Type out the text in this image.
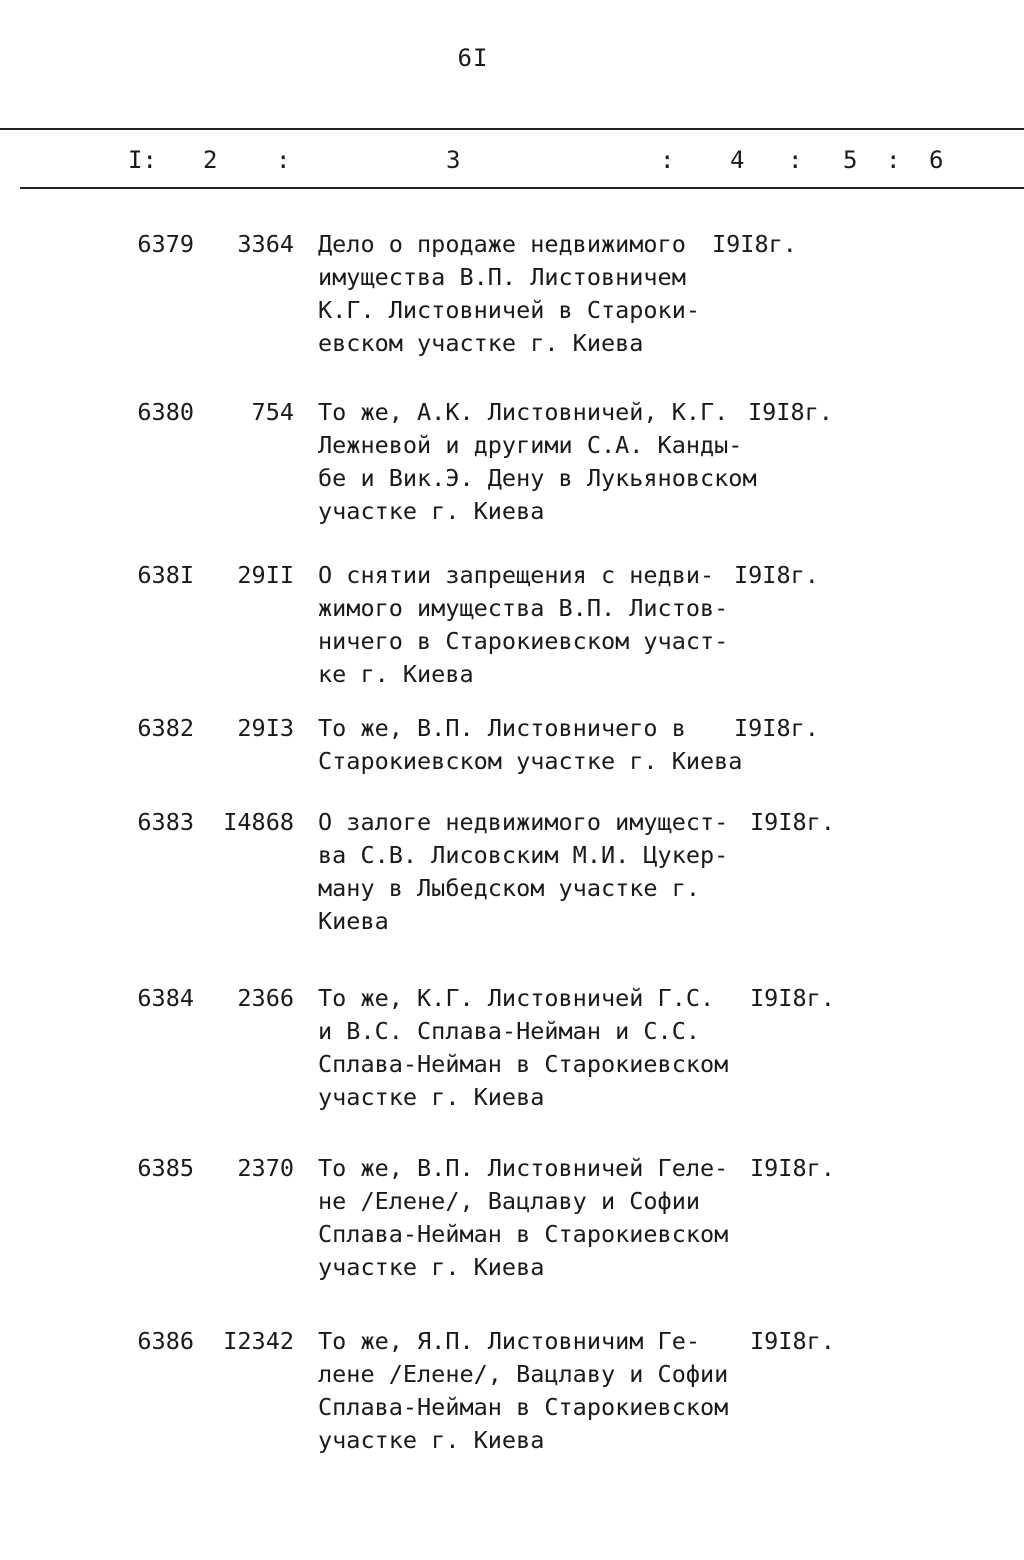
6I
I: 2 :	3	: 4 : 5 : 6
6379	3364 Дело о продаже недвижимого
имущества В.П. Листовничем
К.Г. Листовничей в Староки-
евском участке г. Киева
I9I8г.
6380	754 То же, А.К. Листовничей, К.Г.
Лежневой и другими С.А. Канды-
бе и Вик.Э. Дену в Лукьяновском
участке г. Киева
I9I8г.
638I	29II О снятии запрещения с недви-
жимого имущества В.П. Листов-
ничего в Старокиевском участ-
ке г. Киева
I9I8г.
6382	29I3 То же, В.П. Листовничего в
Старокиевском участке г. Киева
I9I8г.
6383	I4868 О залоге недвижимого имущест-
ва С.В. Лисовским М.И. Цукер-
ману в Лыбедском участке г.
Киева
I9I8г.
6384	2366 То же, К.Г. Листовничей Г.С.
и В.С. Сплава-Нейман и С.С.
Сплава-Нейман в Старокиевском
участке г. Киева
I9I8г.
6385	2370 То же, В.П. Листовничей Геле-
не /Елене/, Вацлаву и Софии
Сплава-Нейман в Старокиевском
участке г. Киева
I9I8г.
6386	I2342 То же, Я.П. Листовничим Ге-
лене /Елене/, Вацлаву и Софии
Сплава-Нейман в Старокиевском
участке г. Киева
I9I8г.
